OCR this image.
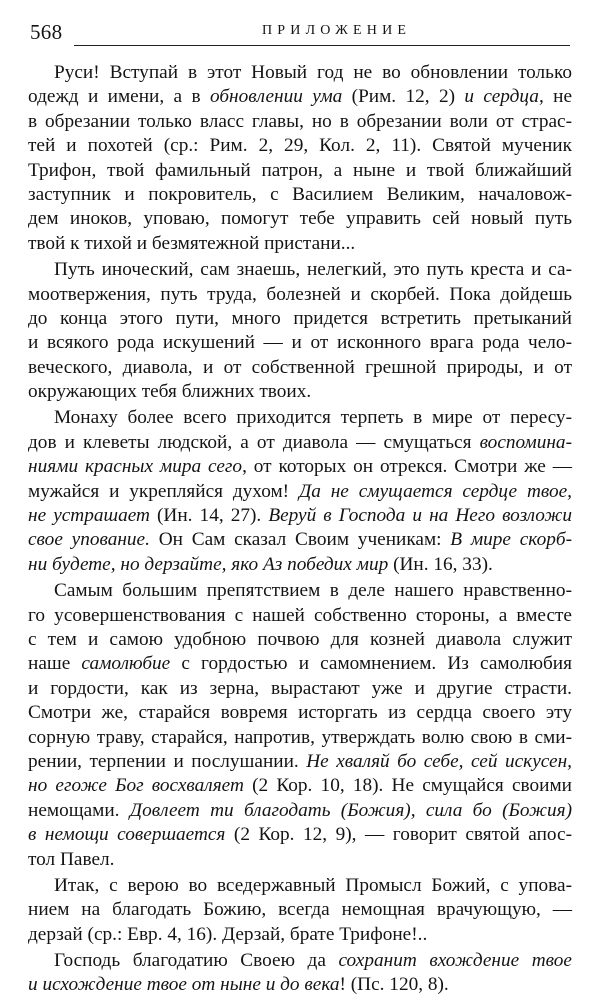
568	ПРИЛОЖЕНИЕ
Руси! Вступай в этот Новый год не во обновлении только
одежд и имени, а в обновлении ума (Рим. 12, 2) и сердца, не
в обрезании только власс главы, но в обрезании воли от страс-
тей и похотей (ср.: Рим. 2, 29, Кол. 2, 11). Святой мученик
Трифон, твой фамильный патрон, а ныне и твой ближайший
заступник и покровитель, с Василием Великим, началовож-
дем иноков, уповаю, помогут тебе управить сей новый путь
твой к тихой и безмятежной пристани...
Путь иноческий, сам знаешь, нелегкий, это путь креста и са-
моотвержения, путь труда, болезней и скорбей. Пока дойдешь
до конца этого пути, много придется встретить претыканий
и всякого рода искушений — и от исконного врага рода чело-
веческого, диавола, и от собственной грешной природы, и от
окружающих тебя ближних твоих.
Монаху более всего приходится терпеть в мире от пересу-
дов и клеветы людской, а от диавола — смущаться воспомина-
ниями красных мира сего, от которых он отрекся. Смотри же —
мужайся и укрепляйся духом! Да не смущается сердце твое,
не устрашает (Ин. 14, 27). Веруй в Господа и на Него возложи
свое упование. Он Сам сказал Своим ученикам: В мире скорб-
ни будете, но дерзайте, яко Аз победих мир (Ин. 16, 33).
Самым большим препятствием в деле нашего нравственно-
го усовершенствования с нашей собственно стороны, а вместе
с тем и самою удобною почвою для козней диавола служит
наше самолюбие с гордостью и самомнением. Из самолюбия
и гордости, как из зерна, вырастают уже и другие страсти.
Смотри же, старайся вовремя исторгать из сердца своего эту
сорную траву, старайся, напротив, утверждать волю свою в сми-
рении, терпении и послушании. Не хваляй бо себе, сей искусен,
но егоже Бог восхваляет (2 Кор. 10, 18). Не смущайся своими
немощами. Довлеет ти благодать (Божия), сила бо (Божия)
в немощи совершается (2 Кор. 12, 9), — говорит святой апос-
тол Павел.
Итак, с верою во вседержавный Промысл Божий, с упова-
нием на благодать Божию, всегда немощная врачующую, —
дерзай (ср.: Евр. 4, 16). Дерзай, брате Трифоне!..
Господь благодатию Своею да сохранит вхождение твое
и исхождение твое от ныне и до века! (Пс. 120, 8).
